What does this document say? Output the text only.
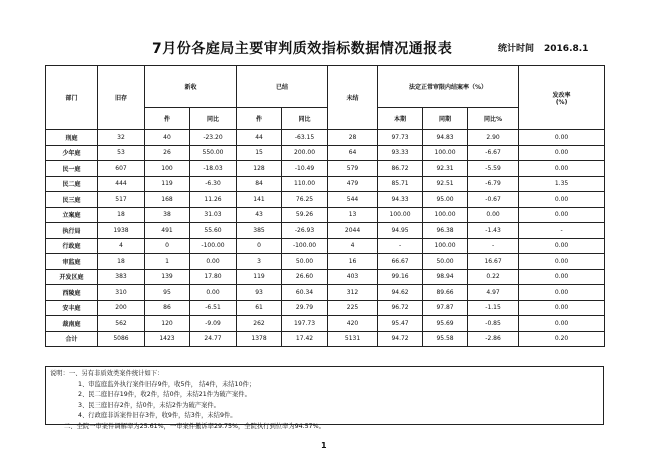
7月份各庭局主要审判质效指标数据情况通报表	统计时间 2016.8.1
部门	旧存	新收		已结		未结	法定正常审限内结案率（%）			发改率
(%)

		件	同比	件	同比		本期	同期	同比%	
刑庭	32	40	-23.20	44	-63.15	28	97.73	94.83	2.90	0.00
少年庭	53	26	550.00	15	200.00	64	93.33	100.00	-6.67	0.00
民一庭	607	100	-18.03	128	-10.49	579	86.72	92.31	-5.59	0.00
民二庭	444	119	-6.30	84	110.00	479	85.71	92.51	-6.79	1.35
民三庭	517	168	11.26	141	76.25	544	94.33	95.00	-0.67	0.00
立案庭	18	38	31.03	43	59.26	13	100.00	100.00	0.00	0.00
执行局	1938	491	55.60	385	-26.93	2044	94.95	96.38	-1.43	-
行政庭	4	0	-100.00	0	-100.00	4	-	100.00	-	0.00
审监庭	18	1	0.00	3	50.00	16	66.67	50.00	16.67	0.00
开发区庭	383	139	17.80	119	26.60	403	99.16	98.94	0.22	0.00
西陵庭	310	95	0.00	93	60.34	312	94.62	89.66	4.97	0.00
安丰庭	200	86	-6.51	61	29.79	225	96.72	97.87	-1.15	0.00
裁南庭	562	120	-9.09	262	197.73	420	95.47	95.69	-0.85	0.00
合计	5086	1423	24.77	1378	17.42	5131	94.72	95.58	-2.86	0.20
说明：一、另有非质效类案件统计如下：
1、审监庭监外执行案件旧存9件，收5件， 结4件，未结10件；
2、民二庭旧存19件，收2件，结0件，未结21件为破产案件。
3、民三庭旧存2件，结0件，未结2件为破产案件。
4、行政庭非诉案件旧存3件，收9件，结3件，未结9件。
二、全院一审案件调解率为25.61%，一审案件撤诉率29.75%，全院执行到位率为94.57%。
1
